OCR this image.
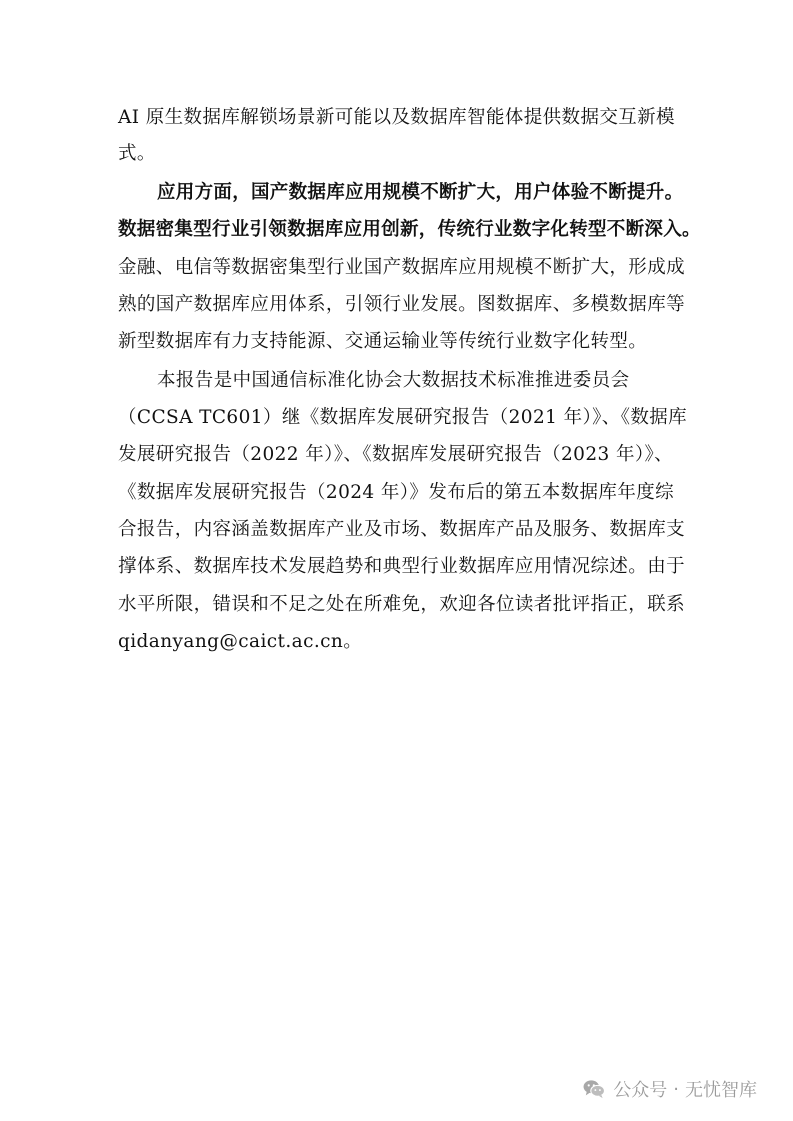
AI 原生数据库解锁场景新可能以及数据库智能体提供数据交互新模
式。
应用方面，国产数据库应用规模不断扩大，用户体验不断提升。
数据密集型行业引领数据库应用创新，传统行业数字化转型不断深入。
金融、电信等数据密集型行业国产数据库应用规模不断扩大，形成成
熟的国产数据库应用体系，引领行业发展。图数据库、多模数据库等
新型数据库有力支持能源、交通运输业等传统行业数字化转型。
本报告是中国通信标准化协会大数据技术标准推进委员会
（CCSA TC601）继《数据库发展研究报告（2021 年）》、《数据库
发展研究报告（2022 年）》、《数据库发展研究报告（2023 年）》、
《数据库发展研究报告（2024 年）》发布后的第五本数据库年度综
合报告，内容涵盖数据库产业及市场、数据库产品及服务、数据库支
撑体系、数据库技术发展趋势和典型行业数据库应用情况综述。由于
水平所限，错误和不足之处在所难免，欢迎各位读者批评指正，联系
qidanyang@caict.ac.cn。
公众号 · 无忧智库
